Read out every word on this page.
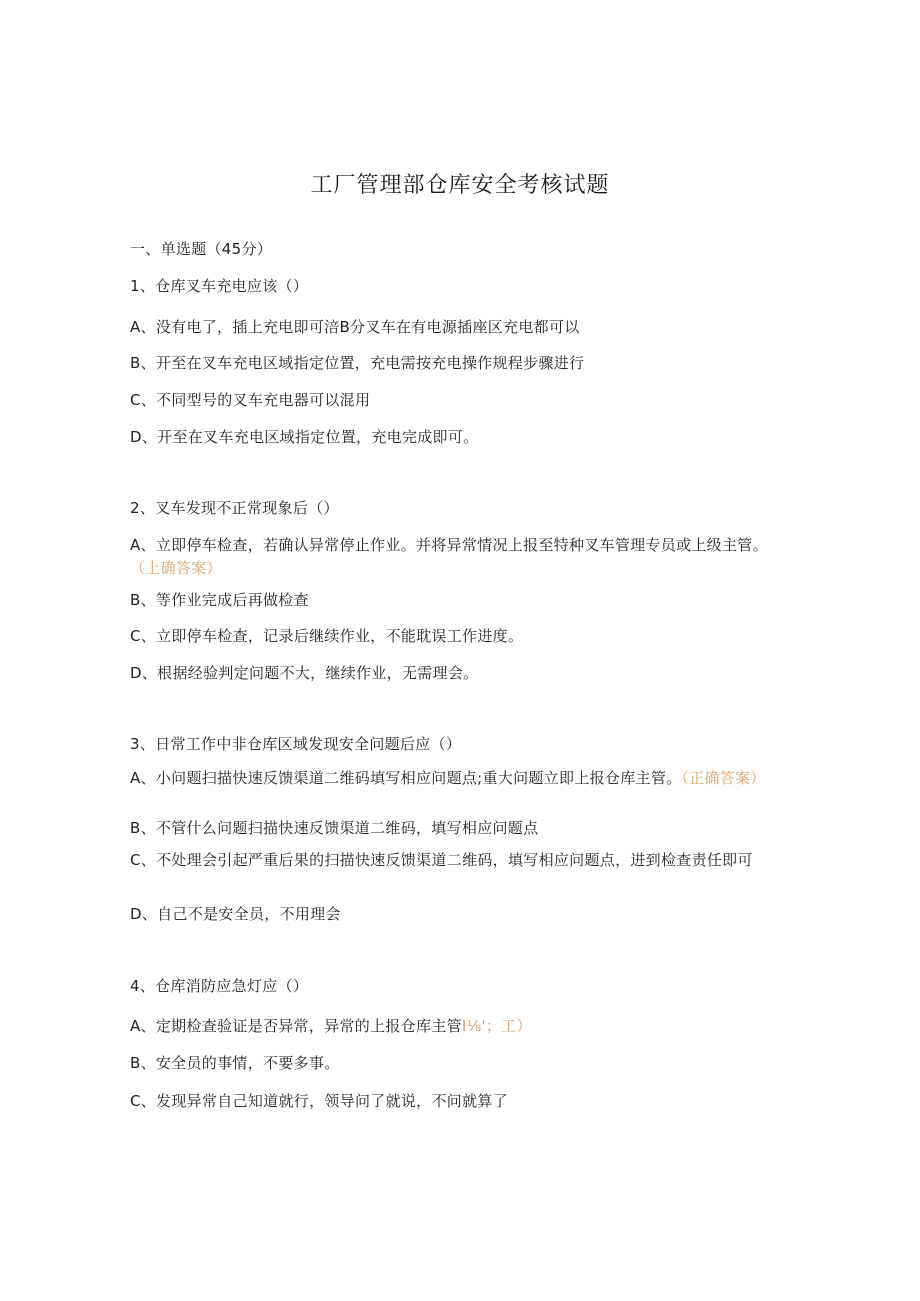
工厂管理部仓库安全考核试题
一、单选题（45分）
1、仓库叉车充电应该（）
A、没有电了，插上充电即可涪B分叉车在有电源插座区充电都可以
B、开至在叉车充电区域指定位置，充电需按充电操作规程步骤进行
C、不同型号的叉车充电器可以混用
D、开至在叉车充电区域指定位置，充电完成即可。
2、叉车发现不正常现象后（）
A、立即停车检查，若确认异常停止作业。并将异常情况上报至特种叉车管理专员或上级主管。（上确答案）
B、等作业完成后再做检查
C、立即停车检查，记录后继续作业，不能耽误工作进度。
D、根据经验判定问题不大，继续作业，无需理会。
3、日常工作中非仓库区域发现安全问题后应（）
A、小问题扫描快速反馈渠道二维码填写相应问题点;重大问题立即上报仓库主管。（正确答案）
B、不管什么问题扫描快速反馈渠道二维码，填写相应问题点
C、不处理会引起严重后果的扫描快速反馈渠道二维码，填写相应问题点，进到检查责任即可
D、自己不是安全员，不用理会
4、仓库消防应急灯应（）
A、定期检查验证是否异常，异常的上报仓库主管I⅛'；工）
B、安全员的事情，不要多事。
C、发现异常自己知道就行，领导问了就说，不问就算了
